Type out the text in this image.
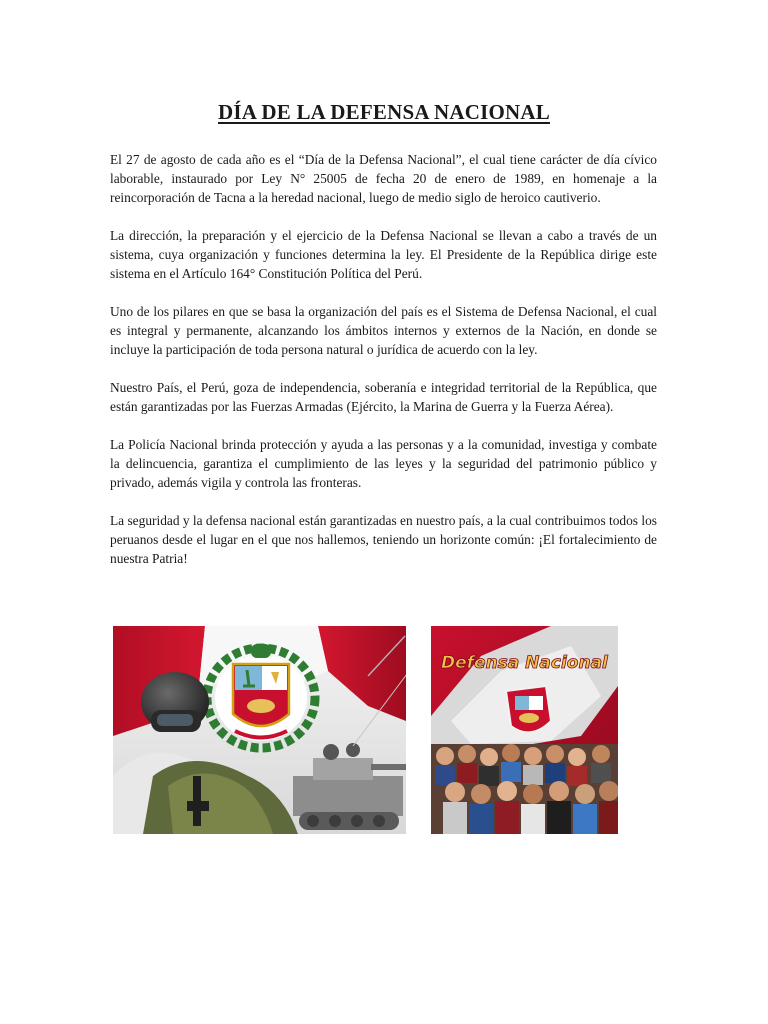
DÍA DE LA DEFENSA NACIONAL

El 27 de agosto de cada año es el “Día de la Defensa Nacional”, el cual tiene carácter de día cívico laborable, instaurado por Ley N° 25005 de fecha 20 de enero de 1989, en homenaje a la reincorporación de Tacna a la heredad nacional, luego de medio siglo de heroico cautiverio.

La dirección, la preparación y el ejercicio de la Defensa Nacional se llevan a cabo a través de un sistema, cuya organización y funciones determina la ley. El Presidente de la República dirige este sistema en el Artículo 164° Constitución Política del Perú.

Uno de los pilares en que se basa la organización del país es el Sistema de Defensa Nacional, el cual es integral y permanente, alcanzando los ámbitos internos y externos de la Nación, en donde se incluye la participación de toda persona natural o jurídica de acuerdo con la ley.

Nuestro País, el Perú, goza de independencia, soberanía e integridad territorial de la República, que están garantizadas por las Fuerzas Armadas (Ejército, la Marina de Guerra y la Fuerza Aérea).

La Policía Nacional brinda protección y ayuda a las personas y a la comunidad, investiga y combate la delincuencia, garantiza el cumplimiento de las leyes y la seguridad del patrimonio público y privado, además vigila y controla las fronteras.

La seguridad y la defensa nacional están garantizadas en nuestro país, a la cual contribuimos todos los peruanos desde el lugar en el que nos hallemos, teniendo un horizonte común: ¡El fortalecimiento de nuestra Patria!

Defensa Nacional
